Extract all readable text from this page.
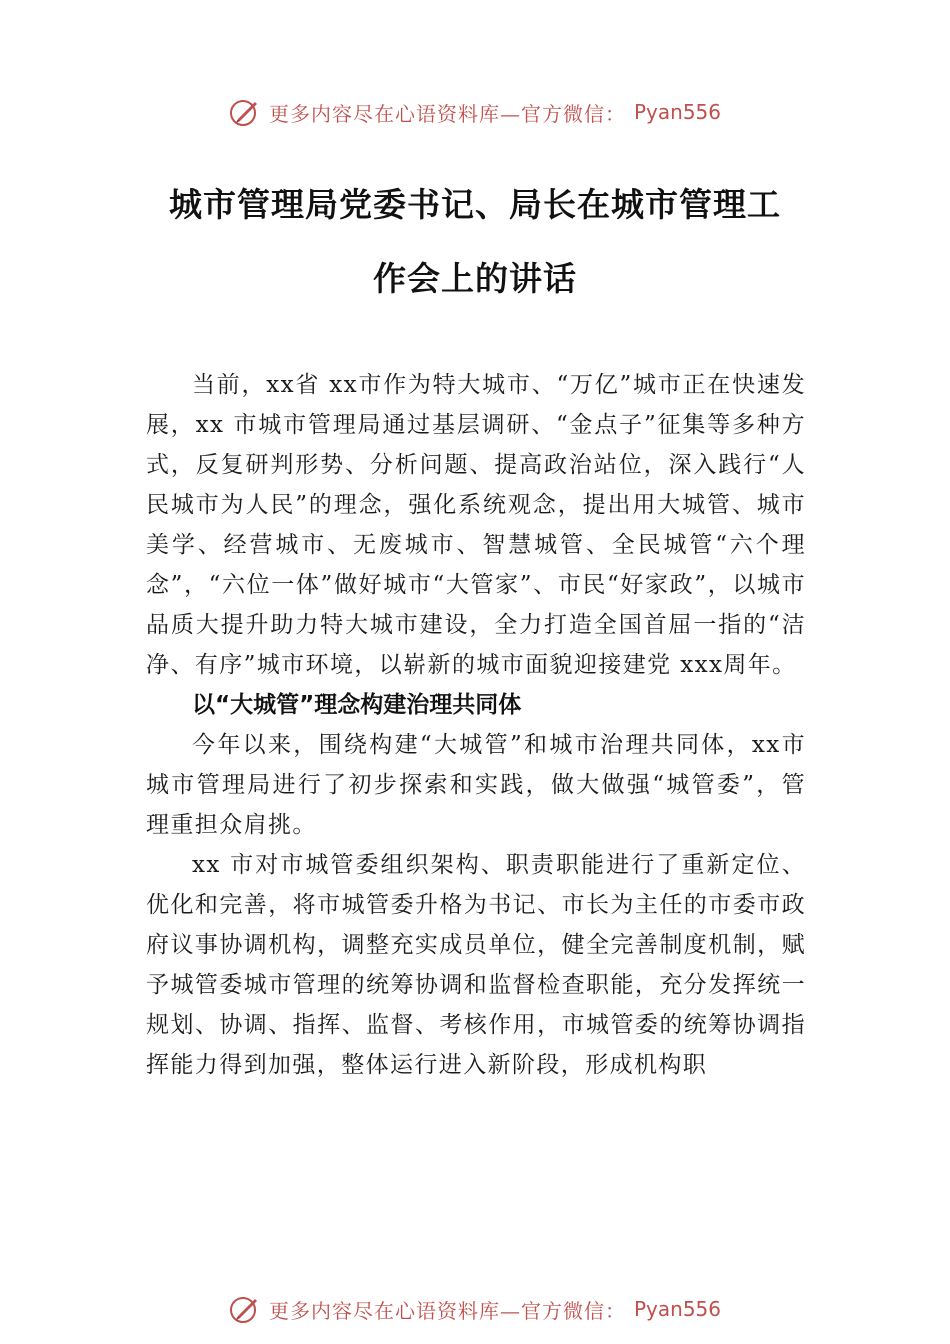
更多内容尽在心语资料库—官方微信： Pyan556
城市管理局党委书记、局长在城市管理工
作会上的讲话

当前，xx省 xx市作为特大城市、“万亿”城市正在快速发展，xx 市城市管理局通过基层调研、“金点子”征集等多种方式，反复研判形势、分析问题、提高政治站位，深入践行“人民城市为人民”的理念，强化系统观念，提出用大城管、城市美学、经营城市、无废城市、智慧城管、全民城管“六个理念”，“六位一体”做好城市“大管家”、市民“好家政”，以城市品质大提升助力特大城市建设，全力打造全国首屈一指的“洁净、有序”城市环境，以崭新的城市面貌迎接建党 xxx周年。

以“大城管”理念构建治理共同体

今年以来，围绕构建“大城管”和城市治理共同体，xx市城市管理局进行了初步探索和实践，做大做强“城管委”，管理重担众肩挑。

xx 市对市城管委组织架构、职责职能进行了重新定位、优化和完善，将市城管委升格为书记、市长为主任的市委市政府议事协调机构，调整充实成员单位，健全完善制度机制，赋予城管委城市管理的统筹协调和监督检查职能，充分发挥统一规划、协调、指挥、监督、考核作用，市城管委的统筹协调指挥能力得到加强，整体运行进入新阶段，形成机构职

更多内容尽在心语资料库—官方微信： Pyan556
